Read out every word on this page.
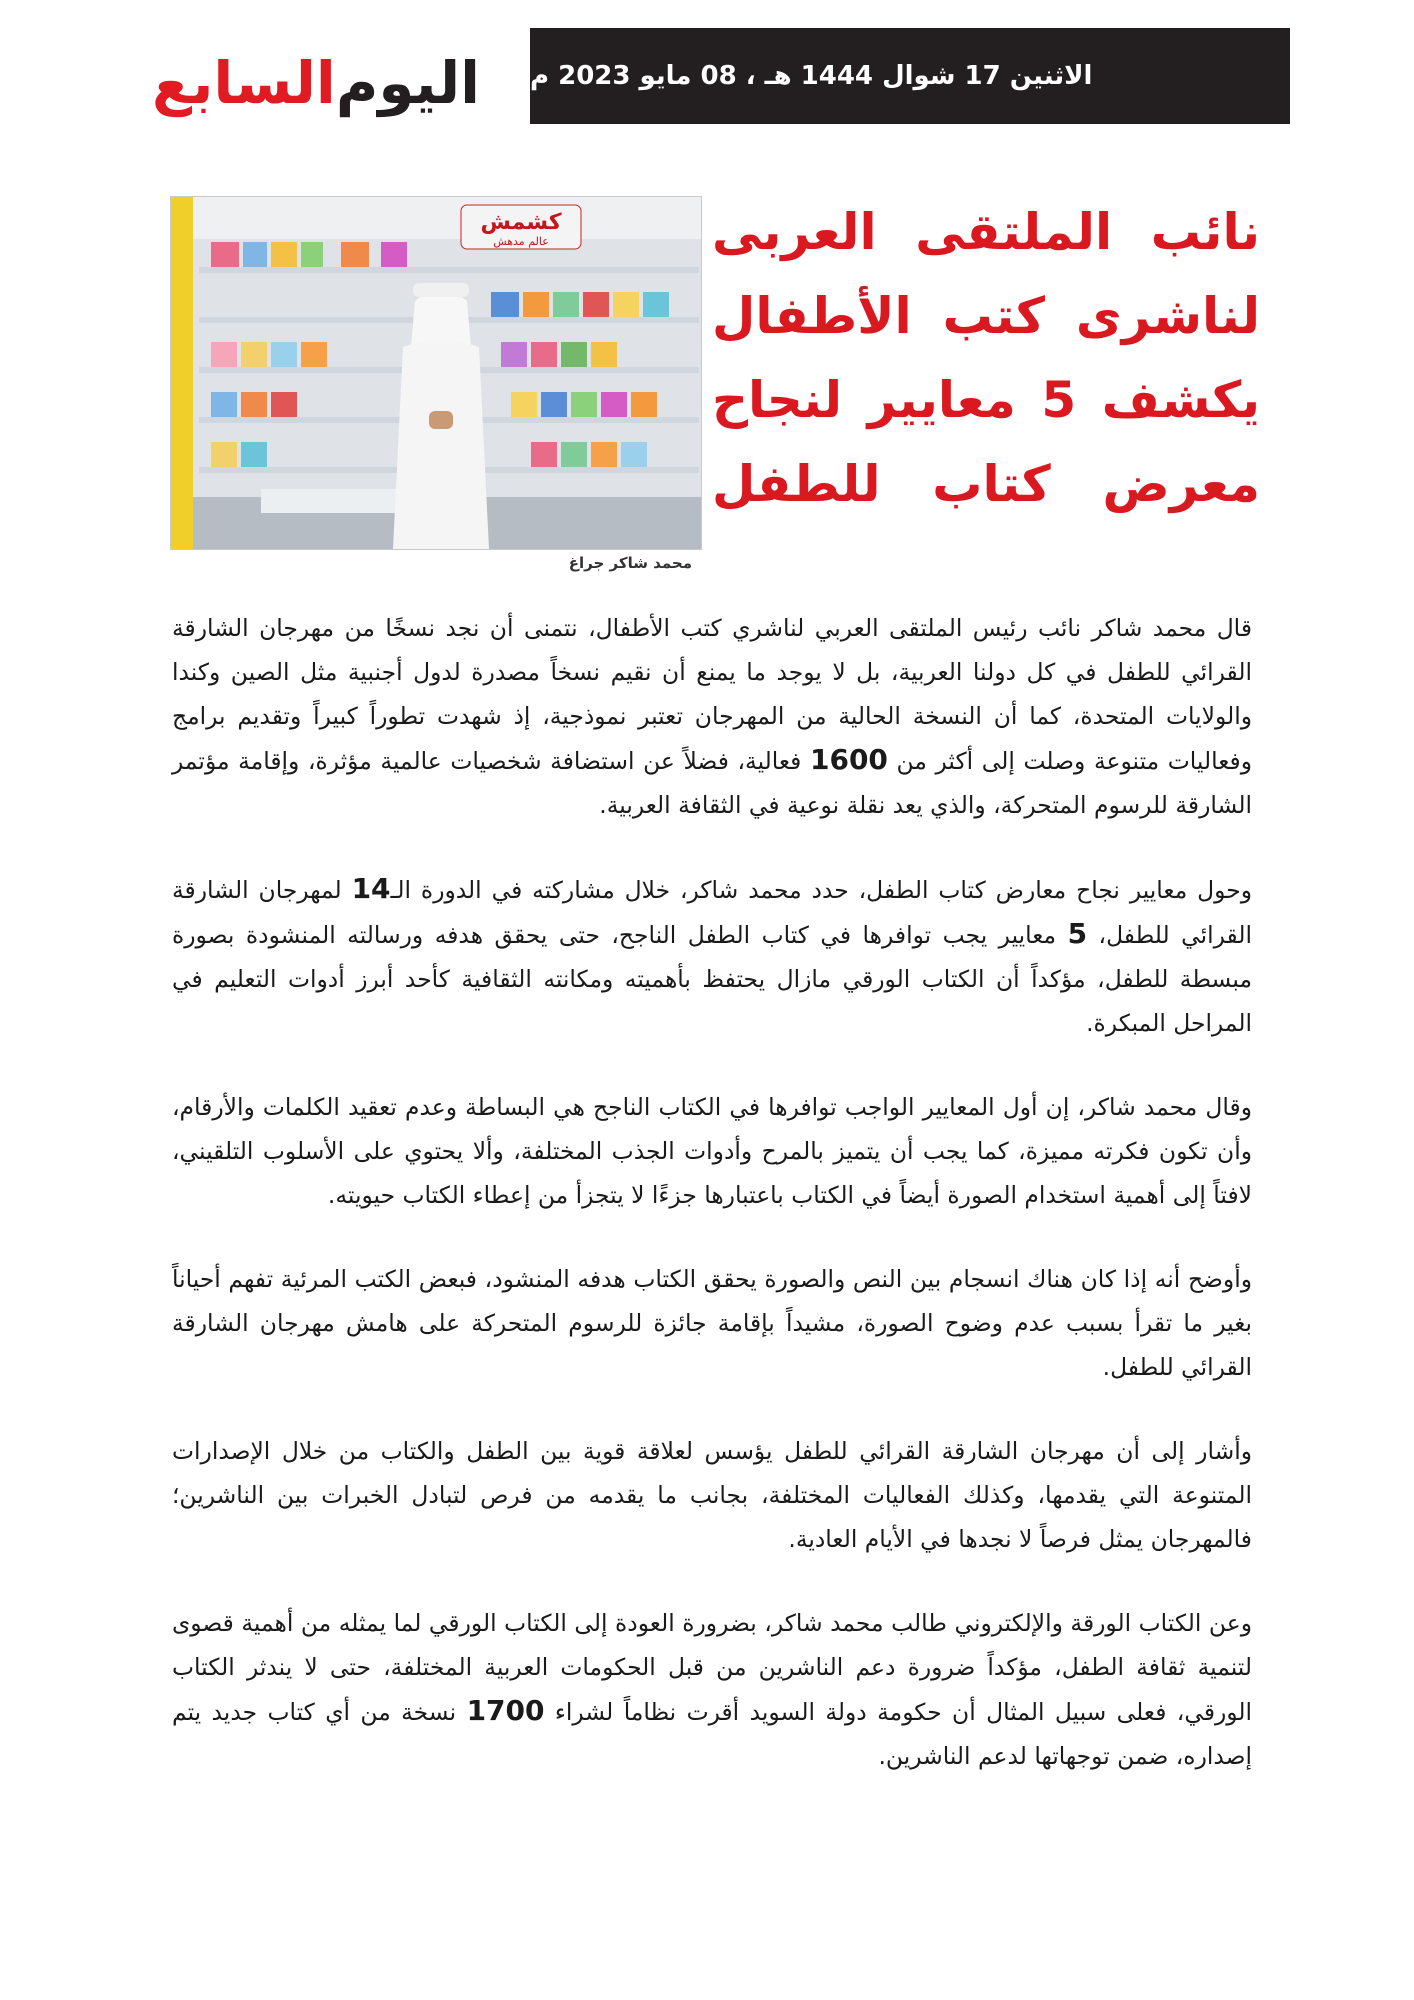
الاثنين 17 شوال 1444 هـ ، 08 مايو 2023 م
اليوم
السابع
نائب الملتقى العربى لناشرى كتب الأطفال يكشف 5 معايير لنجاح معرض كتاب للطفل
كشمش
عالم مدهش
محمد شاكر جراغ

قال محمد شاكر نائب رئيس الملتقى العربي لناشري كتب الأطفال، نتمنى أن نجد نسخًا من مهرجان الشارقة القرائي للطفل في كل دولنا العربية، بل لا يوجد ما يمنع أن نقيم نسخاً مصدرة لدول أجنبية مثل الصين وكندا والولايات المتحدة، كما أن النسخة الحالية من المهرجان تعتبر نموذجية، إذ شهدت تطوراً كبيراً وتقديم برامج وفعاليات متنوعة وصلت إلى أكثر من 1600 فعالية، فضلاً عن استضافة شخصيات عالمية مؤثرة، وإقامة مؤتمر الشارقة للرسوم المتحركة، والذي يعد نقلة نوعية في الثقافة العربية.

وحول معايير نجاح معارض كتاب الطفل، حدد محمد شاكر، خلال مشاركته في الدورة الـ14 لمهرجان الشارقة القرائي للطفل، 5 معايير يجب توافرها في كتاب الطفل الناجح، حتى يحقق هدفه ورسالته المنشودة بصورة مبسطة للطفل، مؤكداً أن الكتاب الورقي مازال يحتفظ بأهميته ومكانته الثقافية كأحد أبرز أدوات التعليم في المراحل المبكرة.

وقال محمد شاكر، إن أول المعايير الواجب توافرها في الكتاب الناجح هي البساطة وعدم تعقيد الكلمات والأرقام، وأن تكون فكرته مميزة، كما يجب أن يتميز بالمرح وأدوات الجذب المختلفة، وألا يحتوي على الأسلوب التلقيني، لافتاً إلى أهمية استخدام الصورة أيضاً في الكتاب باعتبارها جزءًا لا يتجزأ من إعطاء الكتاب حيويته.

وأوضح أنه إذا كان هناك انسجام بين النص والصورة يحقق الكتاب هدفه المنشود، فبعض الكتب المرئية تفهم أحياناً بغير ما تقرأ بسبب عدم وضوح الصورة، مشيداً بإقامة جائزة للرسوم المتحركة على هامش مهرجان الشارقة القرائي للطفل.

وأشار إلى أن مهرجان الشارقة القرائي للطفل يؤسس لعلاقة قوية بين الطفل والكتاب من خلال الإصدارات المتنوعة التي يقدمها، وكذلك الفعاليات المختلفة، بجانب ما يقدمه من فرص لتبادل الخبرات بين الناشرين؛ فالمهرجان يمثل فرصاً لا نجدها في الأيام العادية.

وعن الكتاب الورقة والإلكتروني طالب محمد شاكر، بضرورة العودة إلى الكتاب الورقي لما يمثله من أهمية قصوى لتنمية ثقافة الطفل، مؤكداً ضرورة دعم الناشرين من قبل الحكومات العربية المختلفة، حتى لا يندثر الكتاب الورقي، فعلى سبيل المثال أن حكومة دولة السويد أقرت نظاماً لشراء 1700 نسخة من أي كتاب جديد يتم إصداره، ضمن توجهاتها لدعم الناشرين.
